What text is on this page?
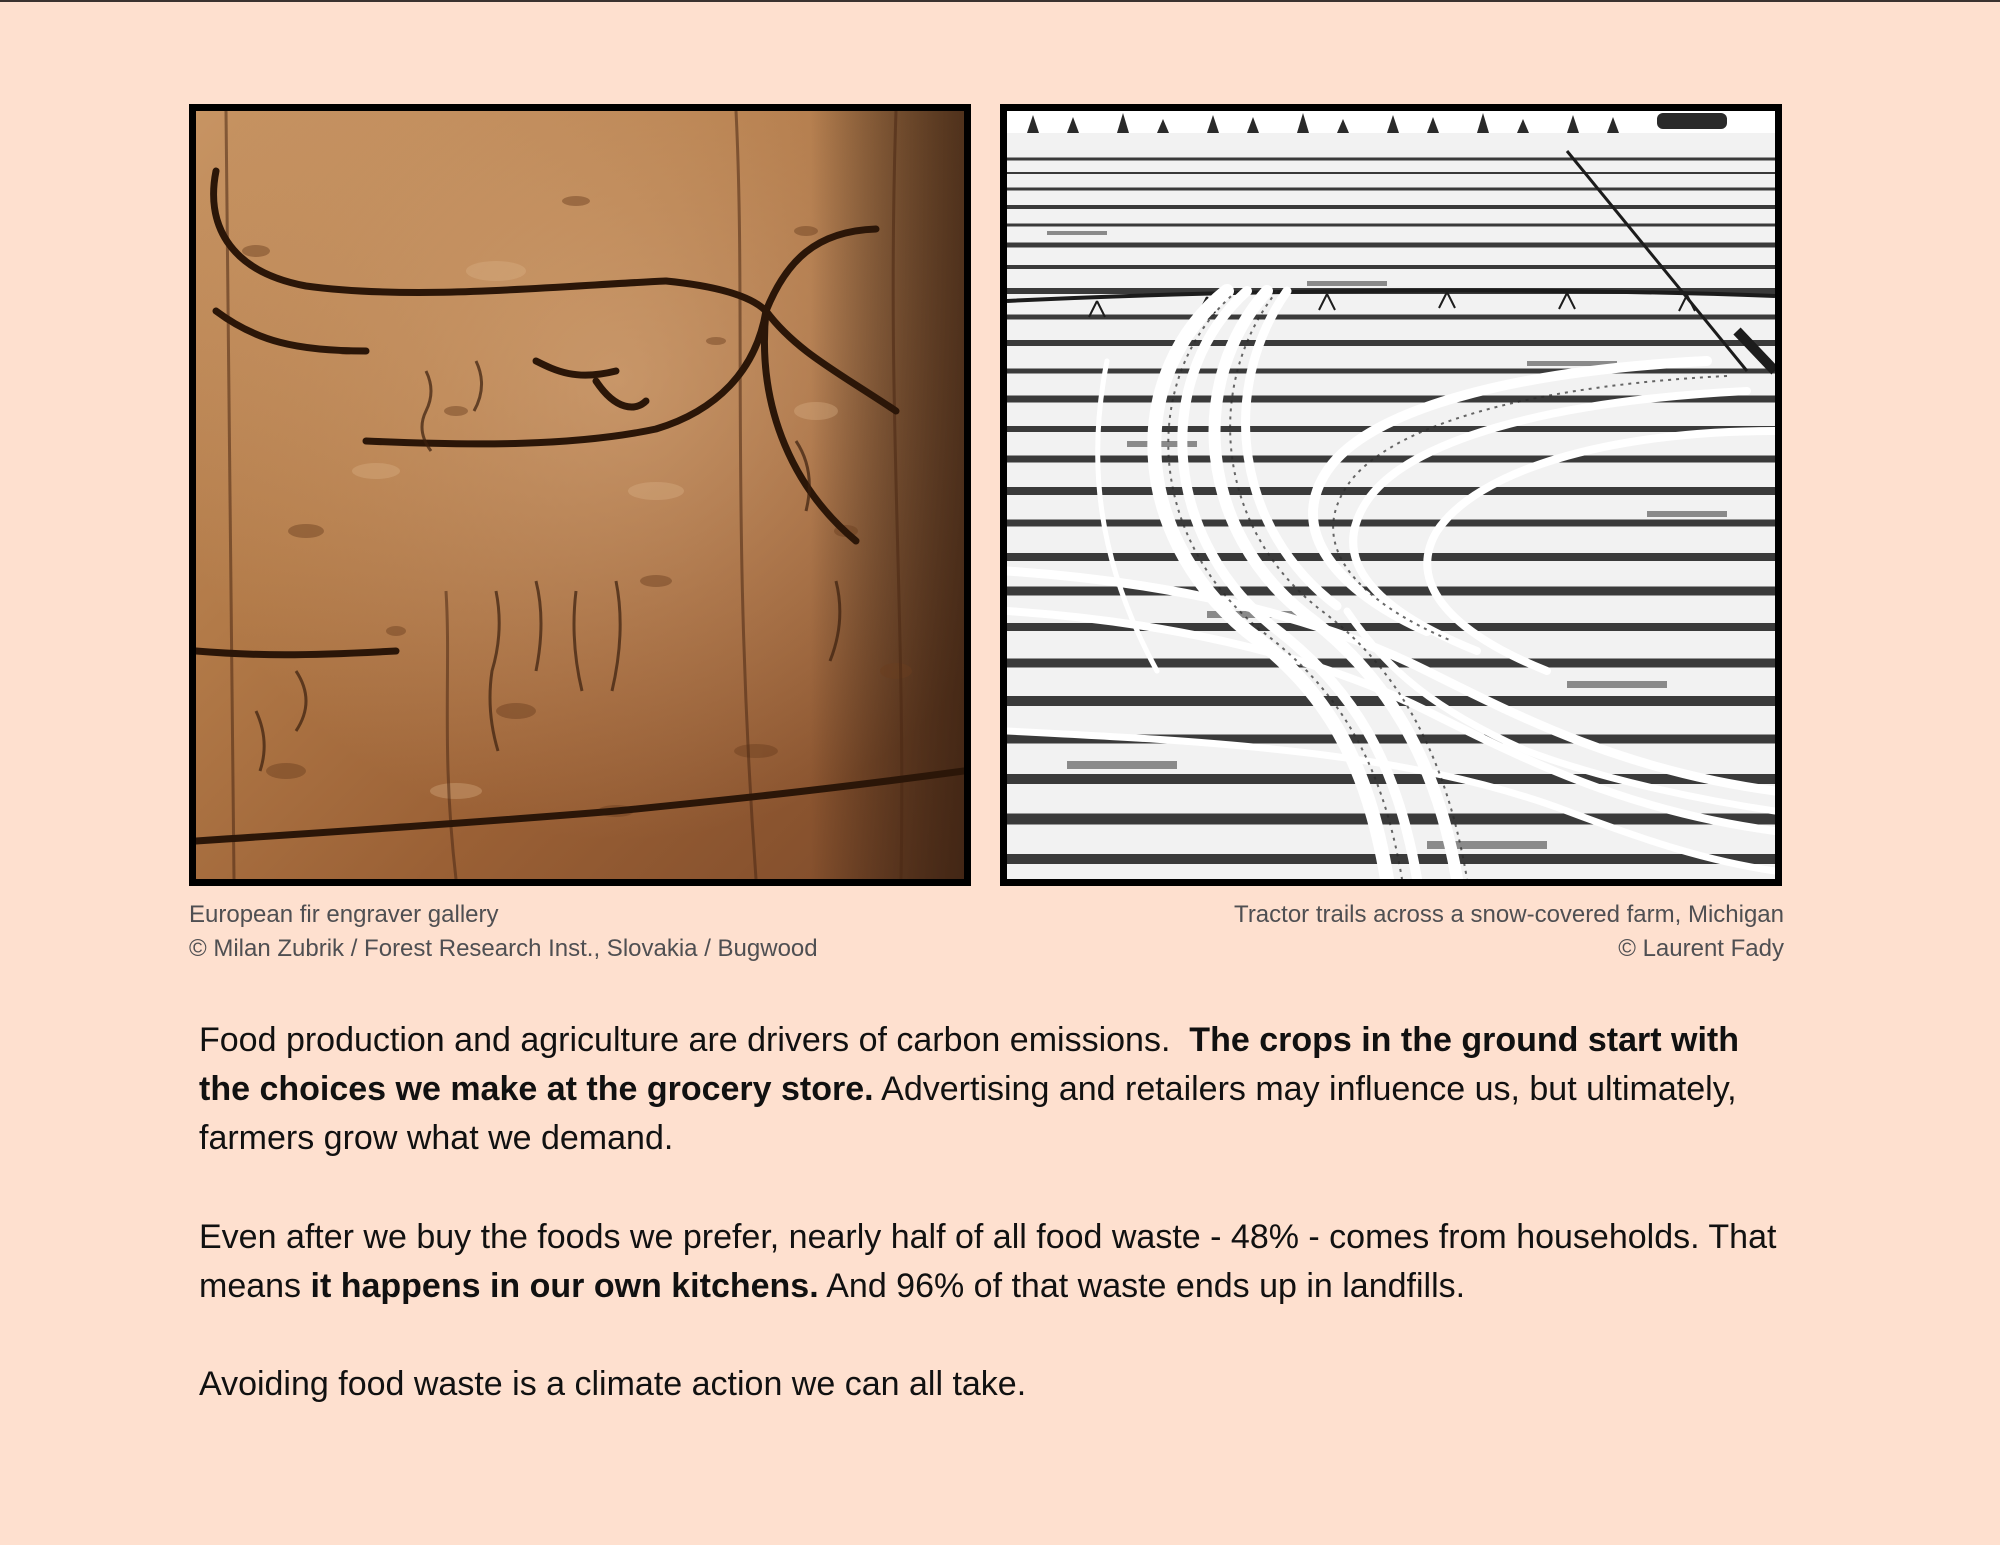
European fir engraver gallery
© Milan Zubrik / Forest Research Inst., Slovakia / Bugwood
Tractor trails across a snow-covered farm, Michigan
© Laurent Fady

Food production and agriculture are drivers of carbon emissions.  The crops in the ground start with the choices we make at the grocery store. Advertising and retailers may influence us, but ultimately, farmers grow what we demand.

Even after we buy the foods we prefer, nearly half of all food waste - 48% - comes from households. That means it happens in our own kitchens. And 96% of that waste ends up in landfills.

Avoiding food waste is a climate action we can all take.
